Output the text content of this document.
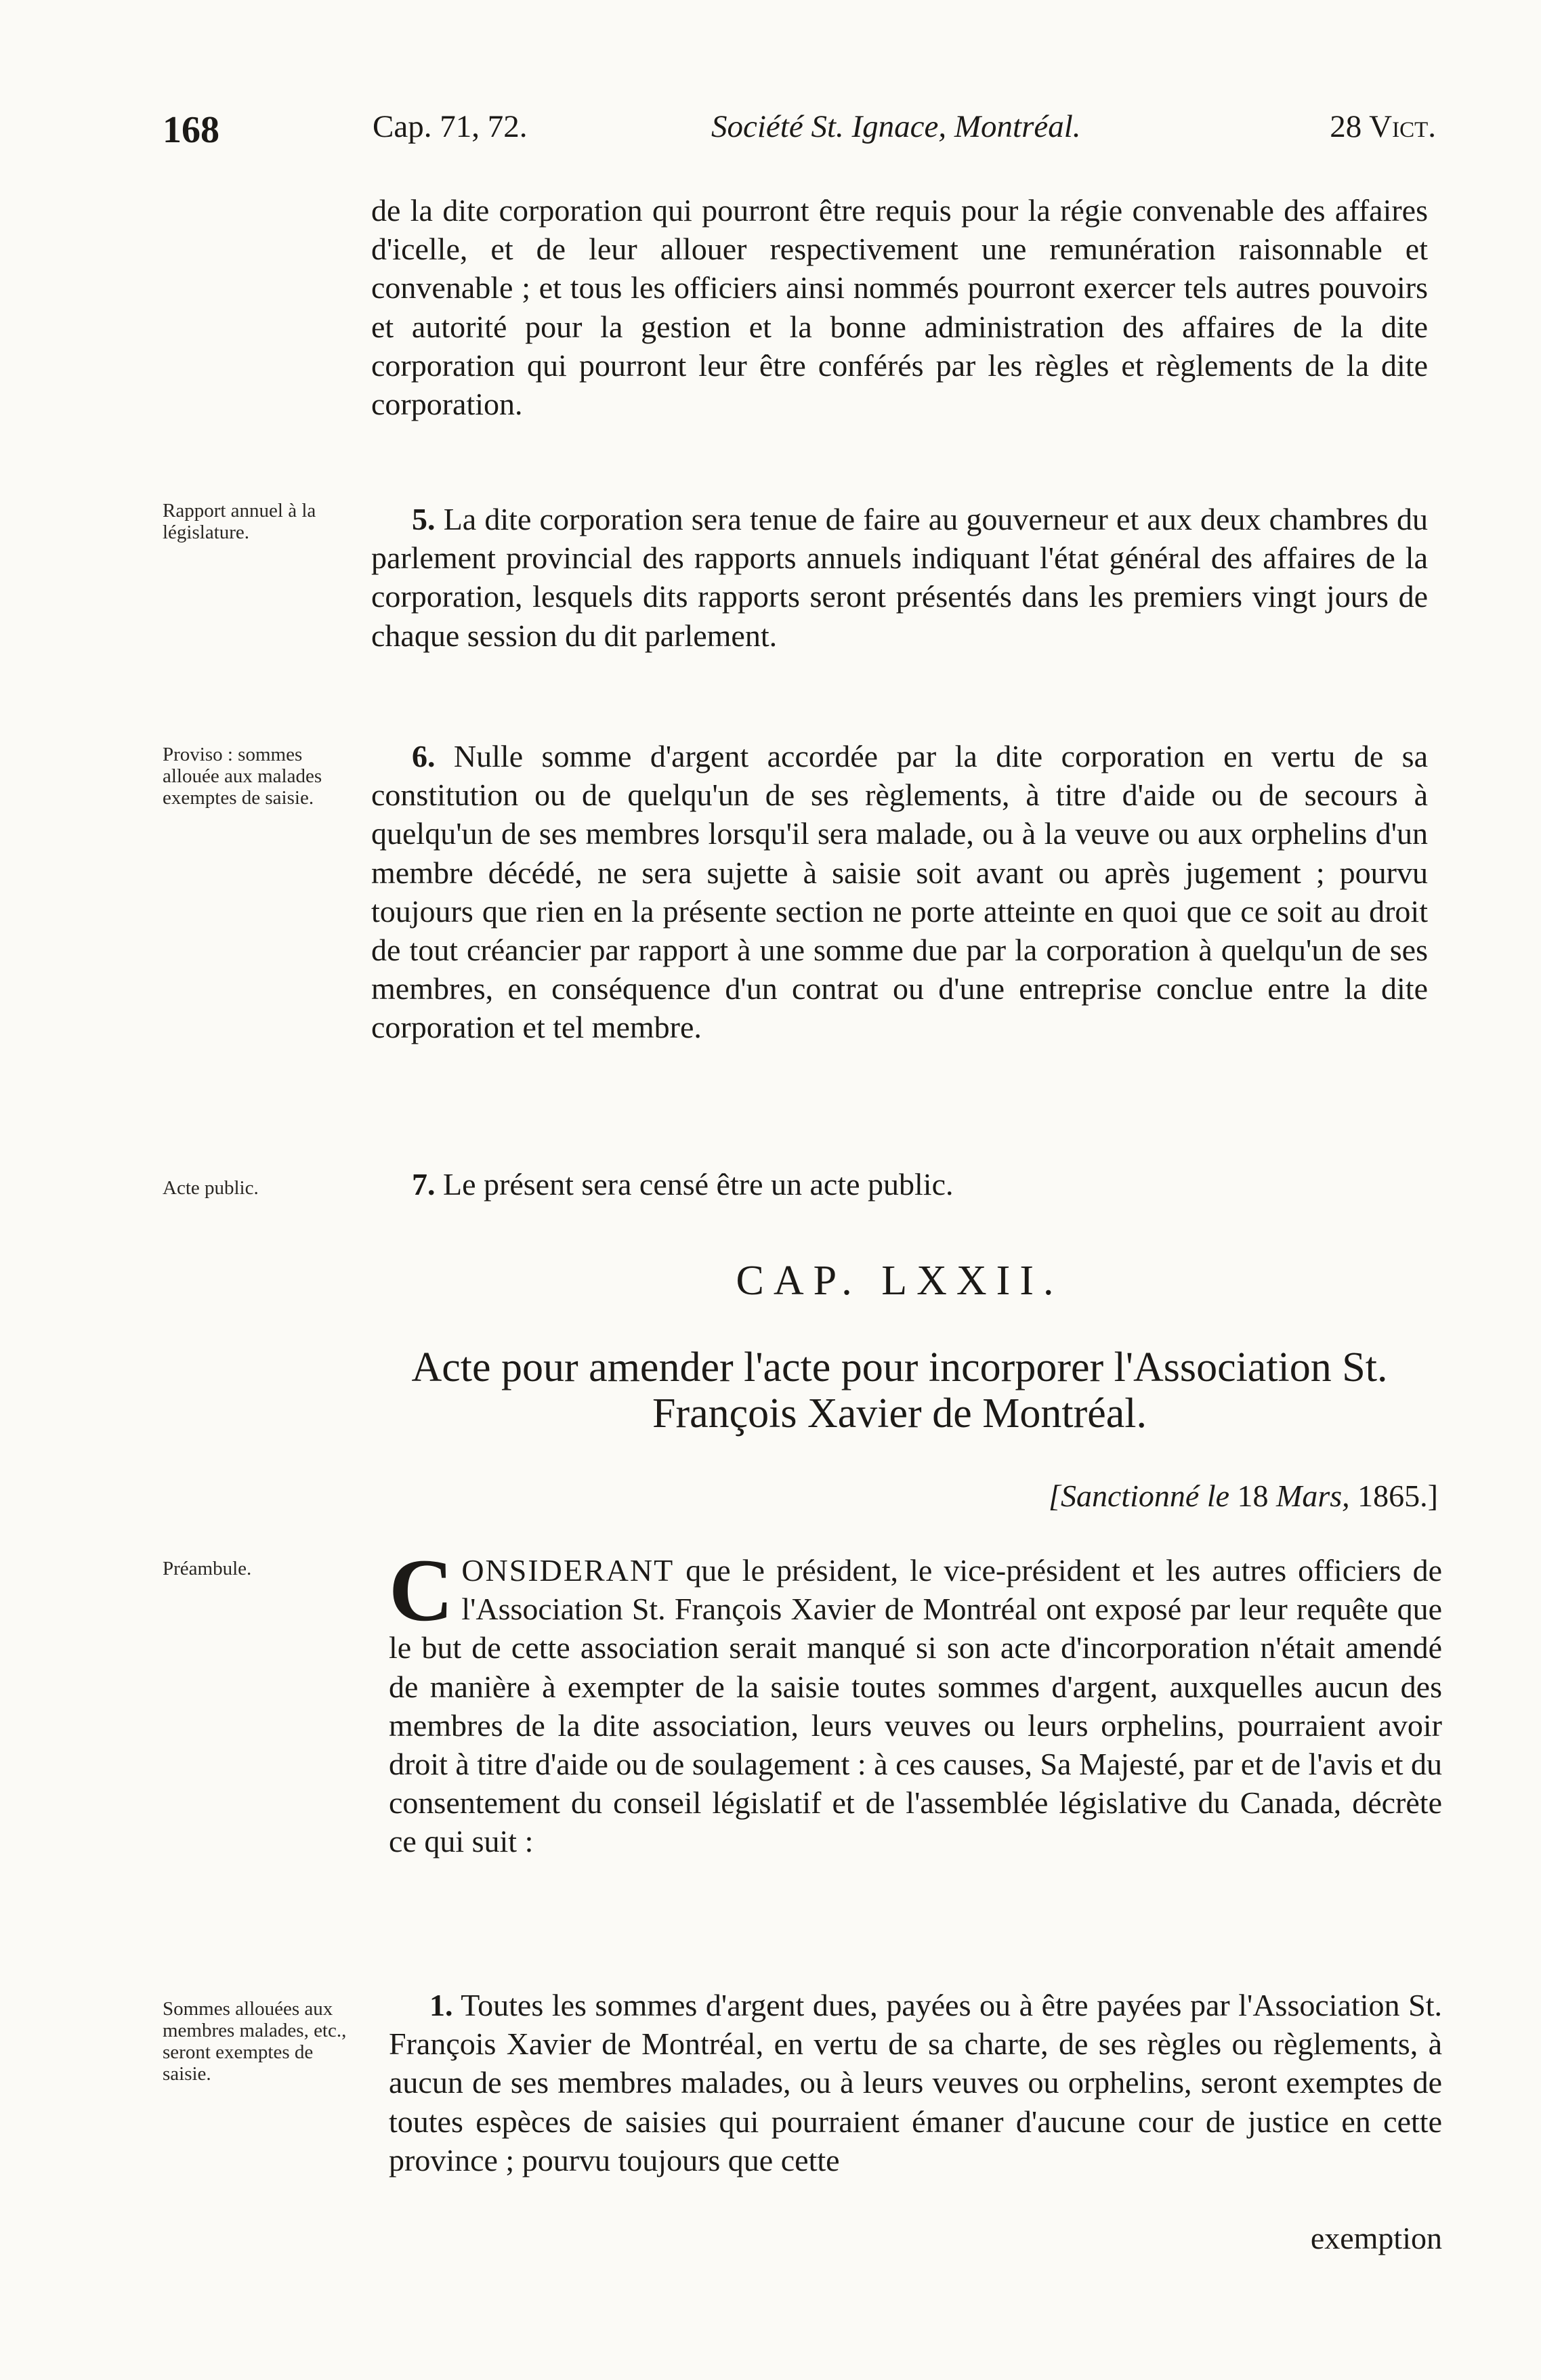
168	Cap. 71, 72.	Société St. Ignace, Montréal.	28 Vict.
de la dite corporation qui pourront être requis pour la régie convenable des affaires d'icelle, et de leur allouer respectivement une remunération raisonnable et convenable ; et tous les officiers ainsi nommés pourront exercer tels autres pouvoirs et autorité pour la gestion et la bonne administration des affaires de la dite corporation qui pourront leur être conférés par les règles et règlements de la dite corporation.
Rapport annuel à la législature.	5. La dite corporation sera tenue de faire au gouverneur et aux deux chambres du parlement provincial des rapports annuels indiquant l'état général des affaires de la corporation, lesquels dits rapports seront présentés dans les premiers vingt jours de chaque session du dit parlement.
Proviso : sommes allouée aux malades exemptes de saisie.
6. Nulle somme d'argent accordée par la dite corporation en vertu de sa constitution ou de quelqu'un de ses règlements, à titre d'aide ou de secours à quelqu'un de ses membres lorsqu'il sera malade, ou à la veuve ou aux orphelins d'un membre décédé, ne sera sujette à saisie soit avant ou après jugement ; pourvu toujours que rien en la présente section ne porte atteinte en quoi que ce soit au droit de tout créancier par rapport à une somme due par la corporation à quelqu'un de ses membres, en conséquence d'un contrat ou d'une entreprise conclue entre la dite corporation et tel membre.
Acte public.	7. Le présent sera censé être un acte public.
CAP. LXXII.
Acte pour amender l'acte pour incorporer l'Association St. François Xavier de Montréal.
[Sanctionné le 18 Mars, 1865.]
Préambule.	C ONSIDERANT que le président, le vice-président et les autres officiers de l'Association St. François Xavier de Montréal ont exposé par leur requête que le but de cette association serait manqué si son acte d'incorporation n'était amendé de manière à exempter de la saisie toutes sommes d'argent, auxquelles aucun des membres de la dite association, leurs veuves ou leurs orphelins, pourraient avoir droit à titre d'aide ou de soulagement : à ces causes, Sa Majesté, par et de l'avis et du consentement du conseil législatif et de l'assemblée législative du Canada, décrète ce qui suit :
Sommes allouées aux membres malades, etc., seront exemptes de saisie.
1. Toutes les sommes d'argent dues, payées ou à être payées par l'Association St. François Xavier de Montréal, en vertu de sa charte, de ses règles ou règlements, à aucun de ses membres malades, ou à leurs veuves ou orphelins, seront exemptes de toutes espèces de saisies qui pourraient émaner d'aucune cour de justice en cette province ; pourvu toujours que cette
exemption
